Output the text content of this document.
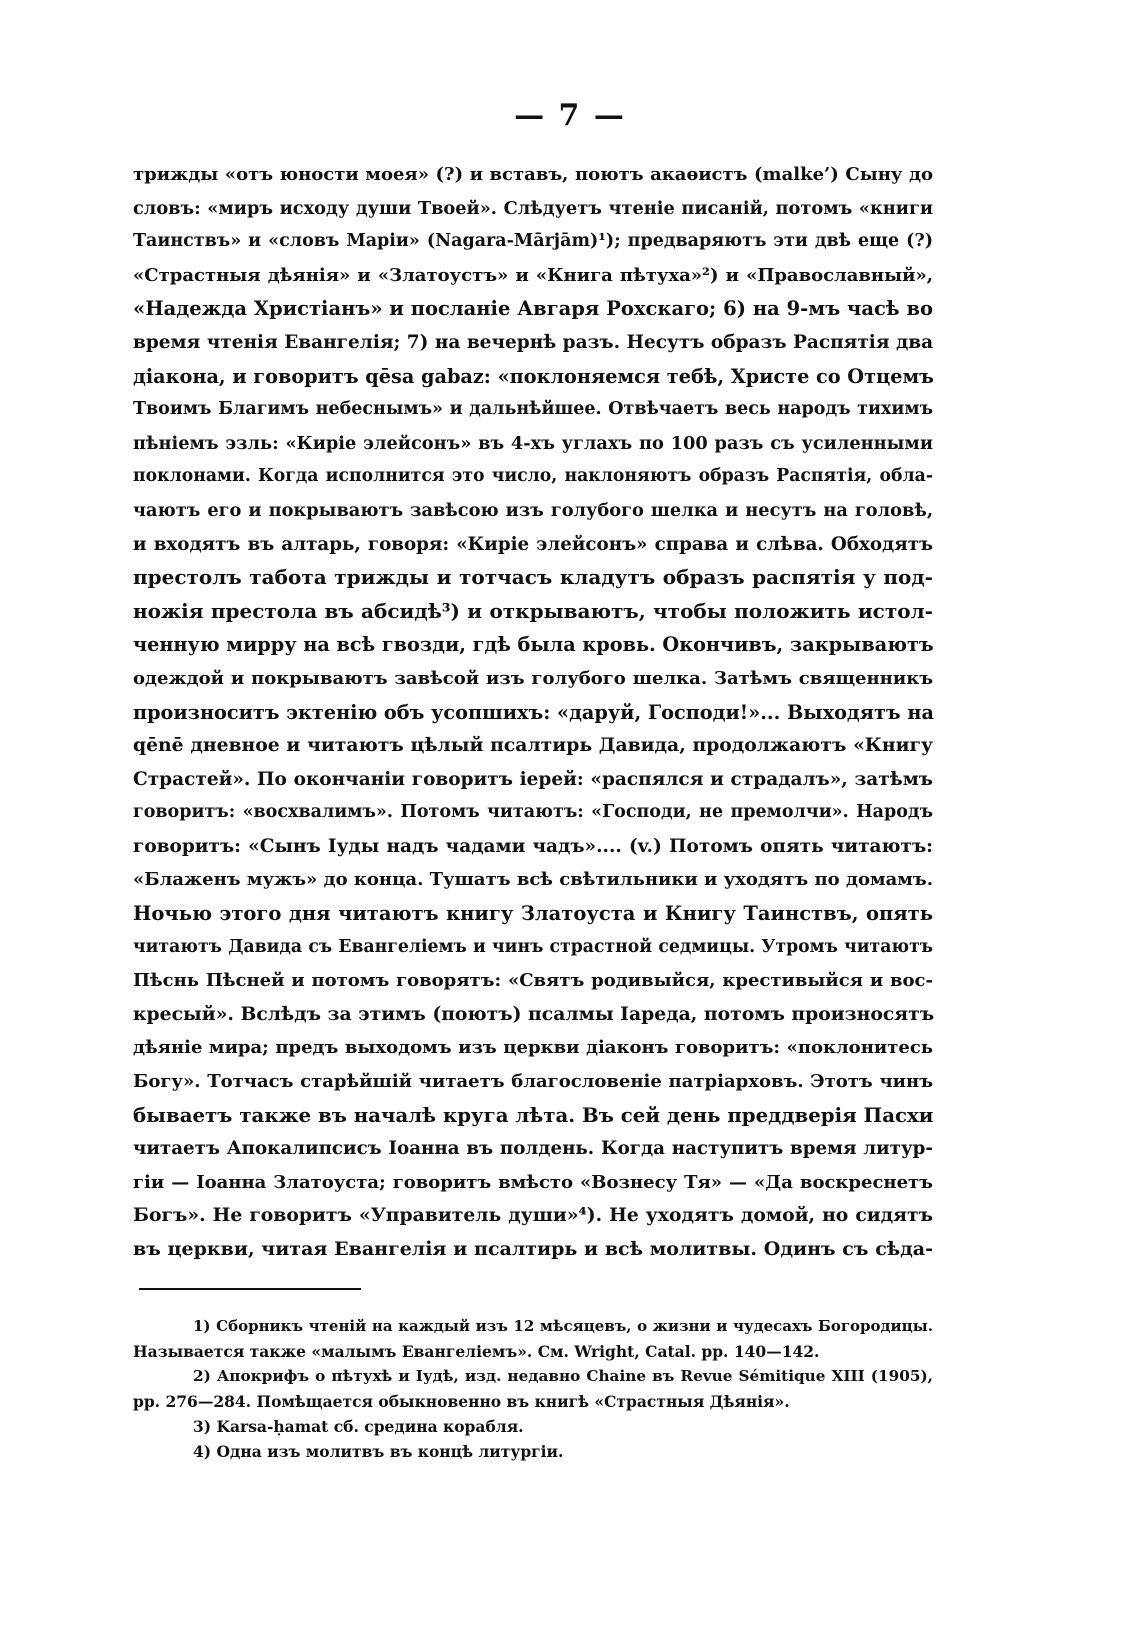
— 7 —
трижды «отъ юности моея» (?) и вставъ, поютъ акаѳистъ (malke’) Сыну до
словъ: «миръ исходу души Твоей». Слѣдуетъ чтеніе писаній, потомъ «книги
Таинствъ» и «словъ Маріи» (Nagara-Mārjām)¹); предваряютъ эти двѣ еще (?)
«Страстныя дѣянія» и «Златоустъ» и «Книга пѣтуха»²) и «Православный»,
«Надежда Христіанъ» и посланіе Авгаря Рохскаго; 6) на 9-мъ часѣ во
время чтенія Евангелія; 7) на вечернѣ разъ. Несутъ образъ Распятія два
діакона, и говоритъ qēsa gabaz: «поклоняемся тебѣ, Христе со Отцемъ
Твоимъ Благимъ небеснымъ» и дальнѣйшее. Отвѣчаетъ весь народъ тихимъ
пѣніемъ эзль: «Киріе элейсонъ» въ 4-хъ углахъ по 100 разъ съ усиленными
поклонами. Когда исполнится это число, наклоняютъ образъ Распятія, обла-
чаютъ его и покрываютъ завѣсою изъ голубого шелка и несутъ на головѣ,
и входятъ въ алтарь, говоря: «Киріе элейсонъ» справа и слѣва. Обходятъ
престолъ табота трижды и тотчасъ кладутъ образъ распятія у под-
ножія престола въ абсидѣ³) и открываютъ, чтобы положить истол-
ченную мирру на всѣ гвозди, гдѣ была кровь. Окончивъ, закрываютъ
одеждой и покрываютъ завѣсой изъ голубого шелка. Затѣмъ священникъ
произноситъ эктенію объ усопшихъ: «даруй, Господи!»... Выходятъ на
qēnē дневное и читаютъ цѣлый псалтирь Давида, продолжаютъ «Книгу
Страстей». По окончаніи говоритъ іерей: «распялся и страдалъ», затѣмъ
говоритъ: «восхвалимъ». Потомъ читаютъ: «Господи, не премолчи». Народъ
говоритъ: «Сынъ Іуды надъ чадами чадъ».... (v.) Потомъ опять читаютъ:
«Блаженъ мужъ» до конца. Тушатъ всѣ свѣтильники и уходятъ по домамъ.
Ночью этого дня читаютъ книгу Златоуста и Книгу Таинствъ, опять
читаютъ Давида съ Евангеліемъ и чинъ страстной седмицы. Утромъ читаютъ
Пѣснь Пѣсней и потомъ говорятъ: «Святъ родивыйся, крестивыйся и вос-
кресый». Вслѣдъ за этимъ (поютъ) псалмы Іареда, потомъ произносятъ
дѣяніе мира; предъ выходомъ изъ церкви діаконъ говоритъ: «поклонитесь
Богу». Тотчасъ старѣйшій читаетъ благословеніе патріарховъ. Этотъ чинъ
бываетъ также въ началѣ круга лѣта. Въ сей день преддверія Пасхи
читаетъ Апокалипсисъ Іоанна въ полдень. Когда наступитъ время литур-
гіи — Іоанна Златоуста; говоритъ вмѣсто «Вознесу Тя» — «Да воскреснетъ
Богъ». Не говоритъ «Управитель души»⁴). Не уходятъ домой, но сидятъ
въ церкви, читая Евангелія и псалтирь и всѣ молитвы. Одинъ съ сѣда-
1) Сборникъ чтеній на каждый изъ 12 мѣсяцевъ, о жизни и чудесахъ Богородицы.
Называется также «малымъ Евангеліемъ». См. Wright, Catal. pp. 140—142.
2) Апокрифъ о пѣтухѣ и Іудѣ, изд. недавно Chaine въ Revue Sémitique XIII (1905),
pp. 276—284. Помѣщается обыкновенно въ книгѣ «Страстныя Дѣянія».
3) Karsa-ḥamat сб. средина корабля.
4) Одна изъ молитвъ въ концѣ литургіи.
